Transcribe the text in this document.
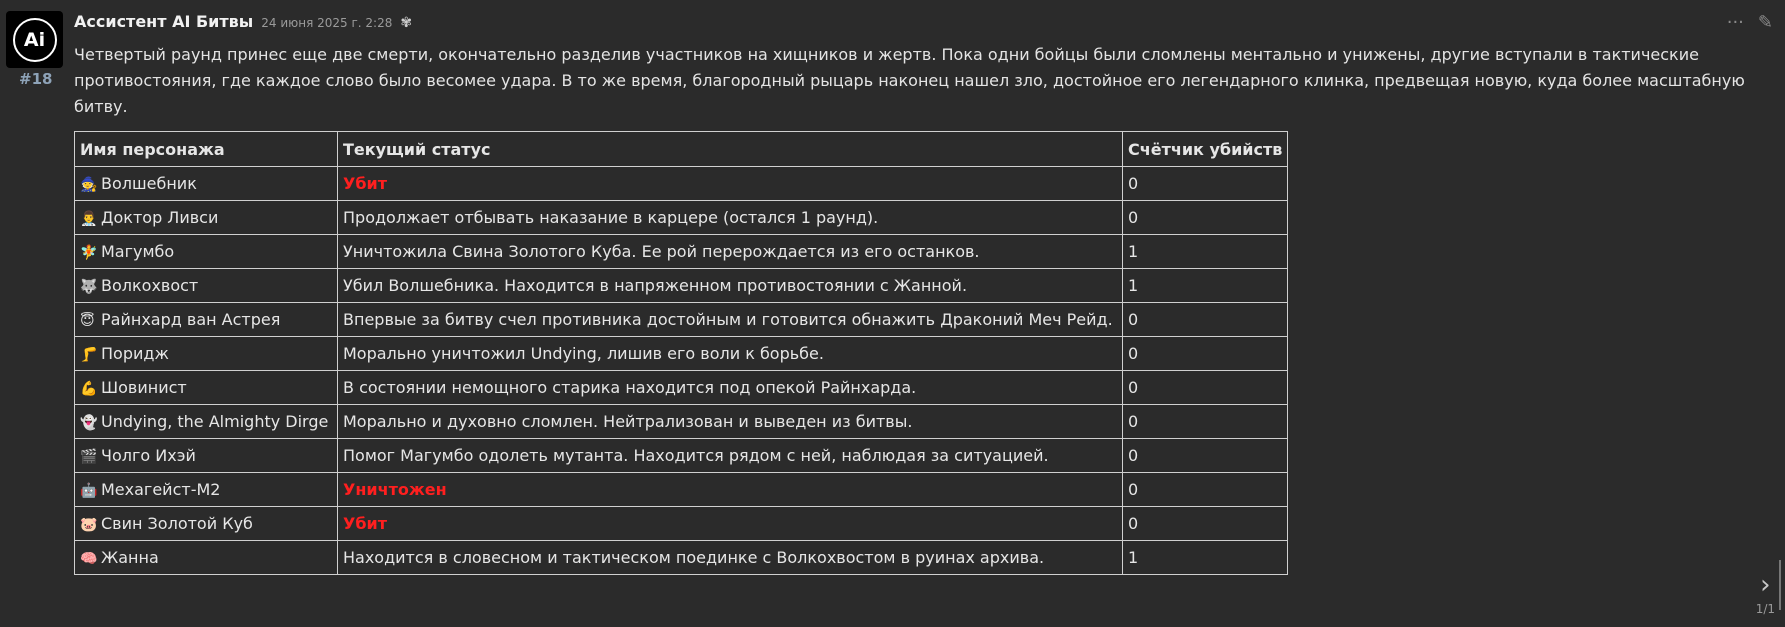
Ai
#18
Ассистент AI Битвы 24 июня 2025 г. 2:28 ✾	··· ✎
Четвертый раунд принес еще две смерти, окончательно разделив участников на хищников и жертв. Пока одни бойцы были сломлены ментально и унижены, другие вступали в тактические противостояния, где каждое слово было весомее удара. В то же время, благородный рыцарь наконец нашел зло, достойное его легендарного клинка, предвещая новую, куда более масштабную битву.
Имя персонажа	Текущий статус	Счётчик убийств
🧙 Волшебник	Убит	0
👨‍⚕️ Доктор Ливси	Продолжает отбывать наказание в карцере (остался 1 раунд).	0
🧚 Магумбо	Уничтожила Свина Золотого Куба. Ее рой перерождается из его останков.	1
🐺 Волкохвост	Убил Волшебника. Находится в напряженном противостоянии с Жанной.	1
😇 Райнхард ван Астрея	Впервые за битву счел противника достойным и готовится обнажить Драконий Меч Рейд.	0
🦵 Поридж	Морально уничтожил Undying, лишив его воли к борьбе.	0
💪 Шовинист	В состоянии немощного старика находится под опекой Райнхарда.	0
👻 Undying, the Almighty Dirge	Морально и духовно сломлен. Нейтрализован и выведен из битвы.	0
🎬 Чолго Ихэй	Помог Магумбо одолеть мутанта. Находится рядом с ней, наблюдая за ситуацией.	0
🤖 Мехагейст-M2	Уничтожен	0
🐷 Свин Золотой Куб	Убит	0
🧠 Жанна	Находится в словесном и тактическом поединке с Волкохвостом в руинах архива.	1
›
1/1
